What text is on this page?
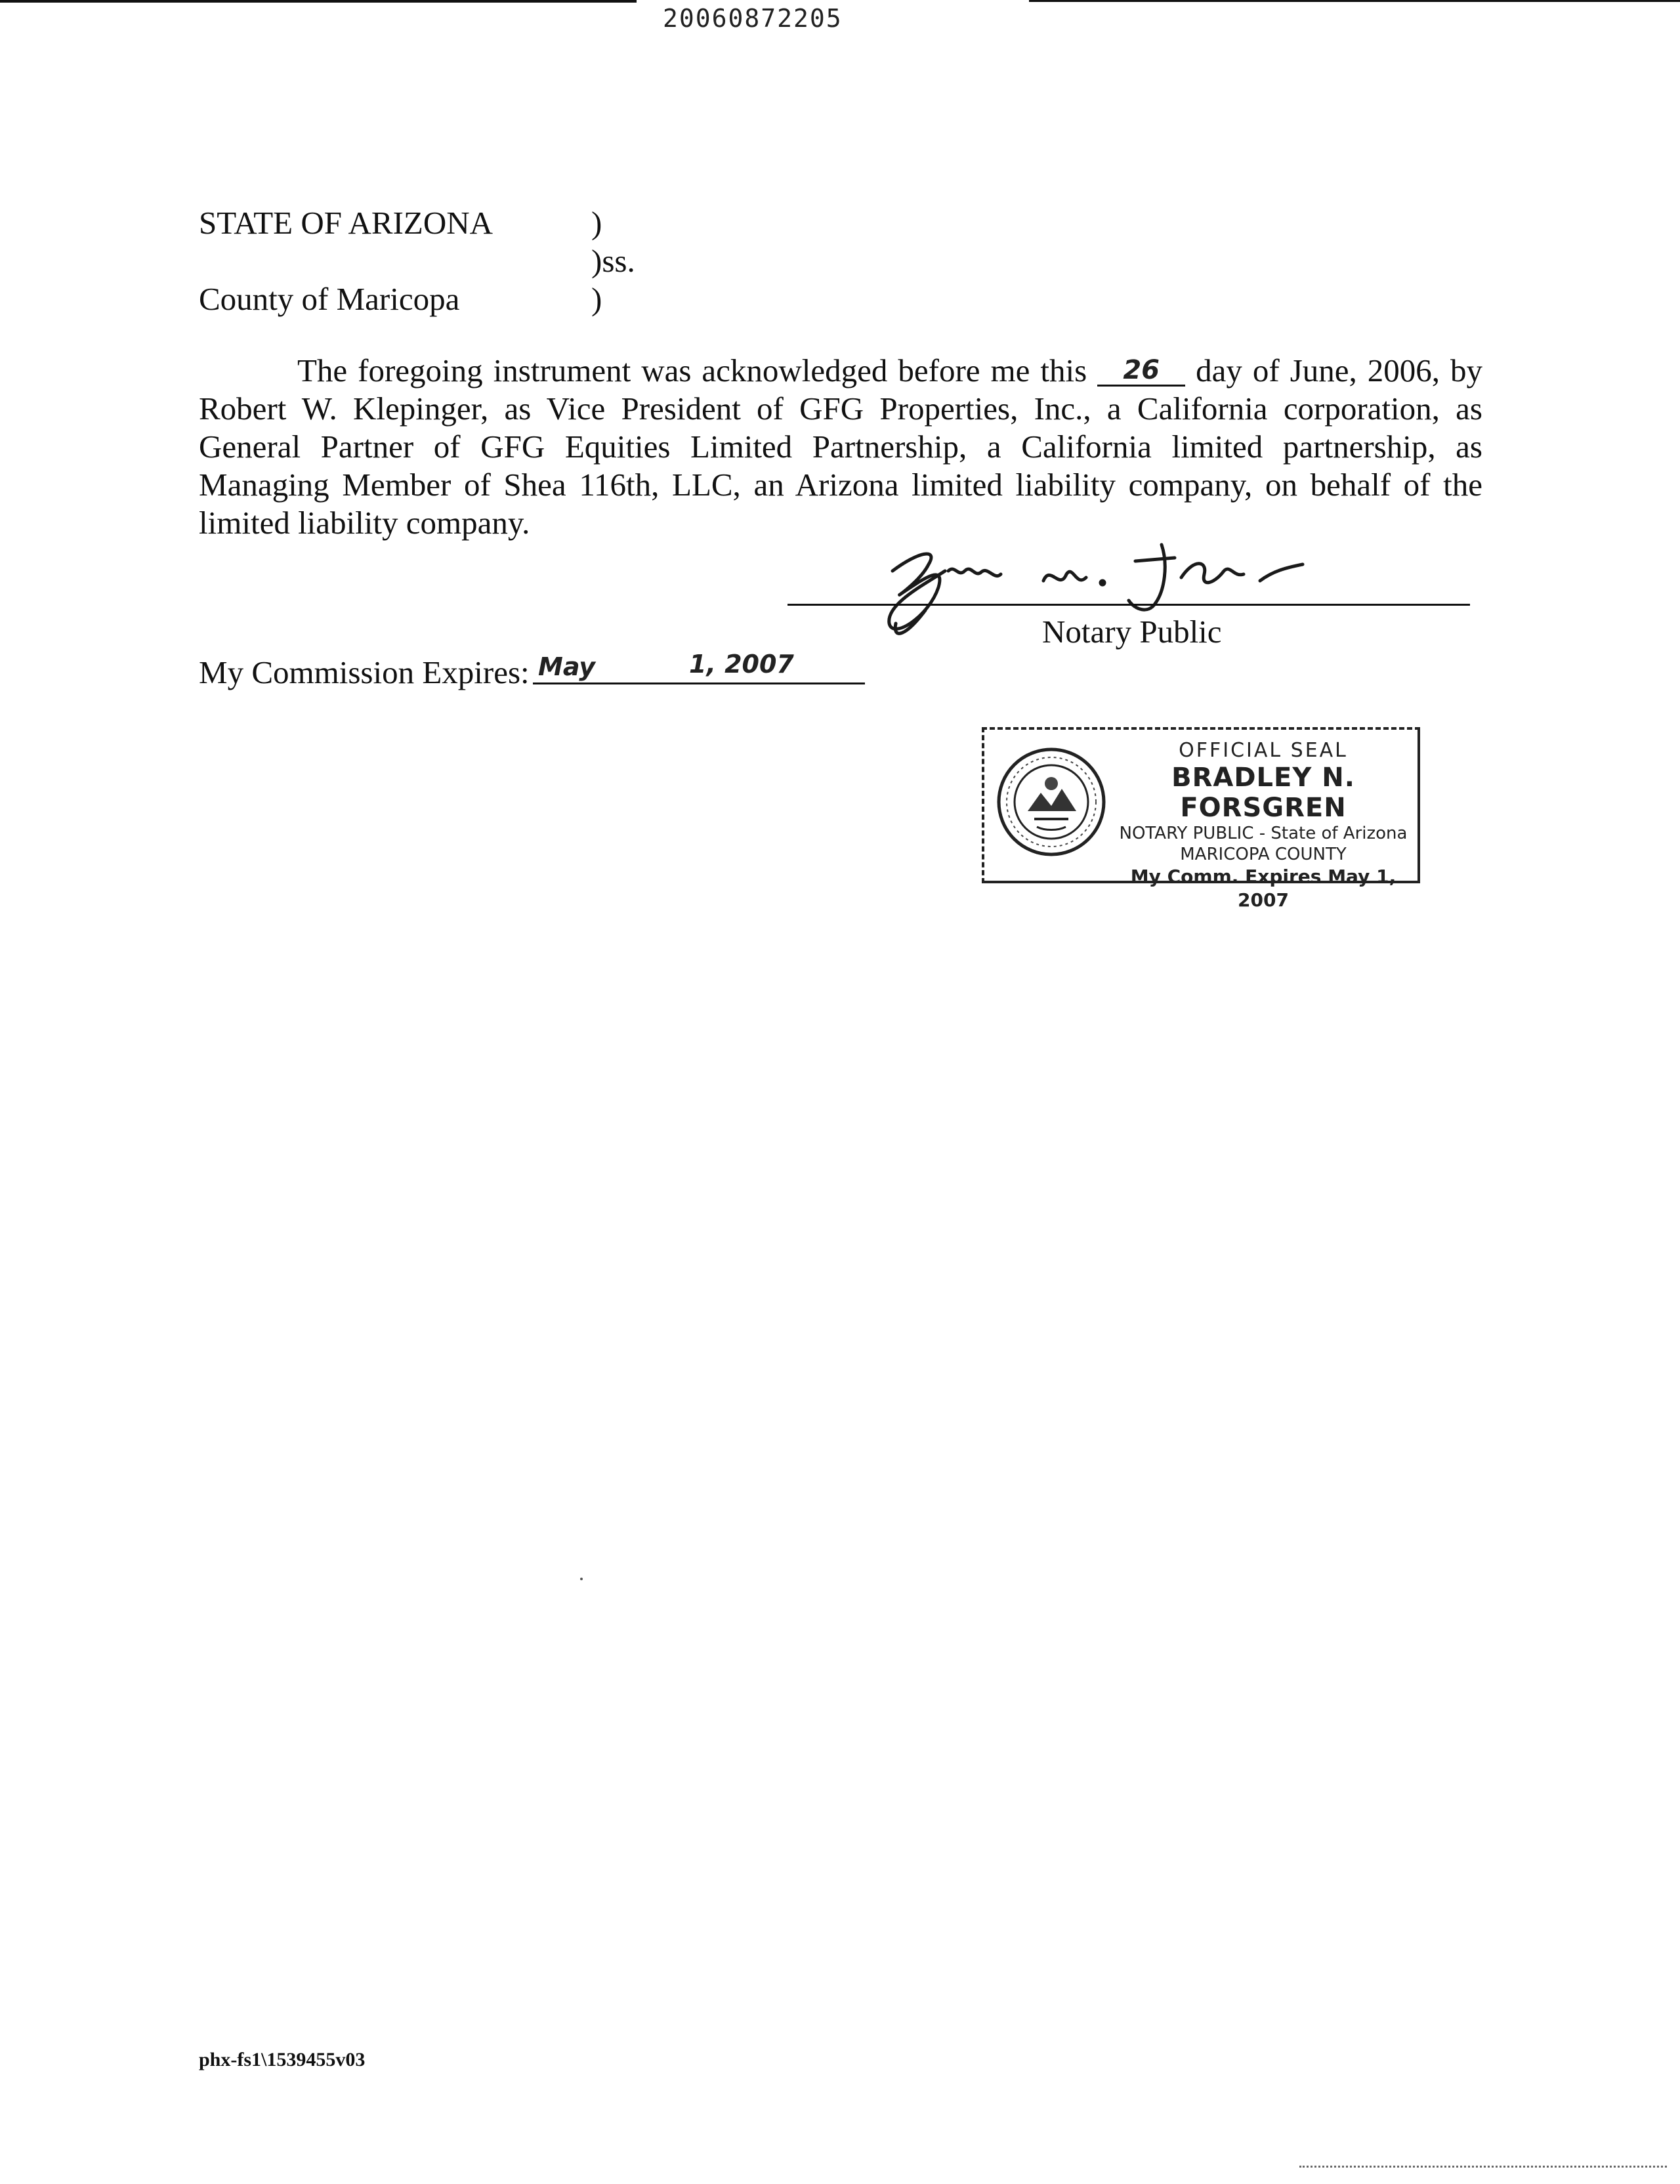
20060872205
STATE OF ARIZONA	)
)ss.
County of Maricopa	)

The foregoing instrument was acknowledged before me this 26 day of June, 2006, by Robert W. Klepinger, as Vice President of GFG Properties, Inc., a California corporation, as General Partner of GFG Equities Limited Partnership, a California limited partnership, as Managing Member of Shea 116th, LLC, an Arizona limited liability company, on behalf of the limited liability company.

Notary Public
My Commission Expires: May	1, 2007
OFFICIAL SEAL
BRADLEY N. FORSGREN
NOTARY PUBLIC - State of Arizona
MARICOPA COUNTY
My Comm. Expires May 1, 2007
phx-fs1\1539455v03
